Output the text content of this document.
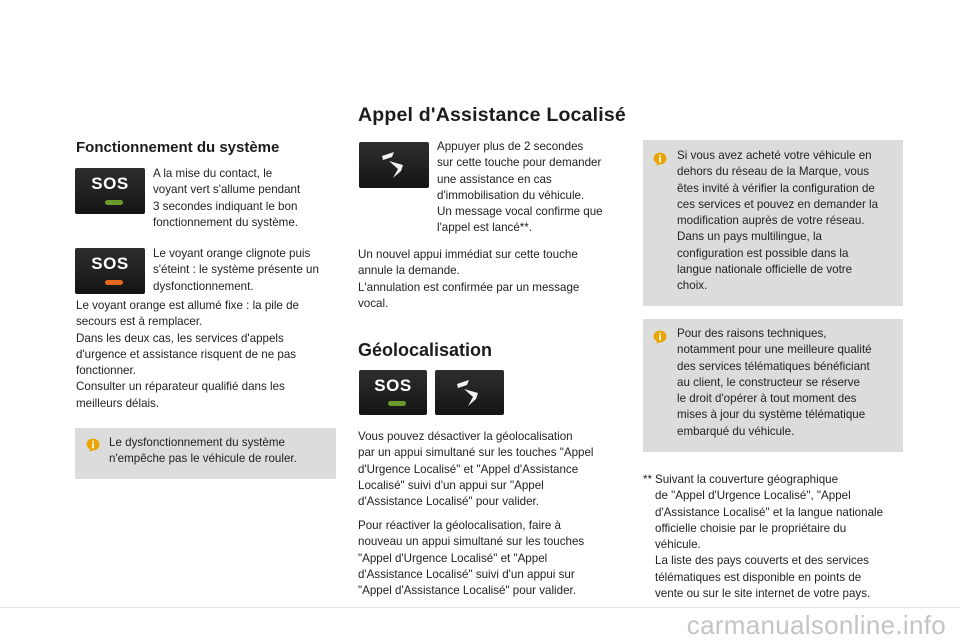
Appel d'Assistance Localisé
Fonctionnement du système
SOS
A la mise du contact, le
voyant vert s'allume pendant
3 secondes indiquant le bon
fonctionnement du système.
SOS
Le voyant orange clignote puis
s'éteint : le système présente un
dysfonctionnement.
Le voyant orange est allumé fixe : la pile de
secours est à remplacer.
Dans les deux cas, les services d'appels
d'urgence et assistance risquent de ne pas
fonctionner.
Consulter un réparateur qualifié dans les
meilleurs délais.
Le dysfonctionnement du système
n'empêche pas le véhicule de rouler.
Appuyer plus de 2 secondes
sur cette touche pour demander
une assistance en cas
d'immobilisation du véhicule.
Un message vocal confirme que
l'appel est lancé**.
Un nouvel appui immédiat sur cette touche
annule la demande.
L'annulation est confirmée par un message
vocal.
Géolocalisation
SOS
Vous pouvez désactiver la géolocalisation
par un appui simultané sur les touches "Appel
d'Urgence Localisé" et "Appel d'Assistance
Localisé" suivi d'un appui sur "Appel
d'Assistance Localisé" pour valider.
Pour réactiver la géolocalisation, faire à
nouveau un appui simultané sur les touches
"Appel d'Urgence Localisé" et "Appel
d'Assistance Localisé" suivi d'un appui sur
"Appel d'Assistance Localisé" pour valider.
Si vous avez acheté votre véhicule en
dehors du réseau de la Marque, vous
êtes invité à vérifier la configuration de
ces services et pouvez en demander la
modification auprès de votre réseau.
Dans un pays multilingue, la
configuration est possible dans la
langue nationale officielle de votre
choix.
Pour des raisons techniques,
notamment pour une meilleure qualité
des services télématiques bénéficiant
au client, le constructeur se réserve
le droit d'opérer à tout moment des
mises à jour du système télématique
embarqué du véhicule.
** Suivant la couverture géographique
de "Appel d'Urgence Localisé", "Appel
d'Assistance Localisé" et la langue nationale
officielle choisie par le propriétaire du
véhicule.
La liste des pays couverts et des services
télématiques est disponible en points de
vente ou sur le site internet de votre pays.
carmanualsonline.info
